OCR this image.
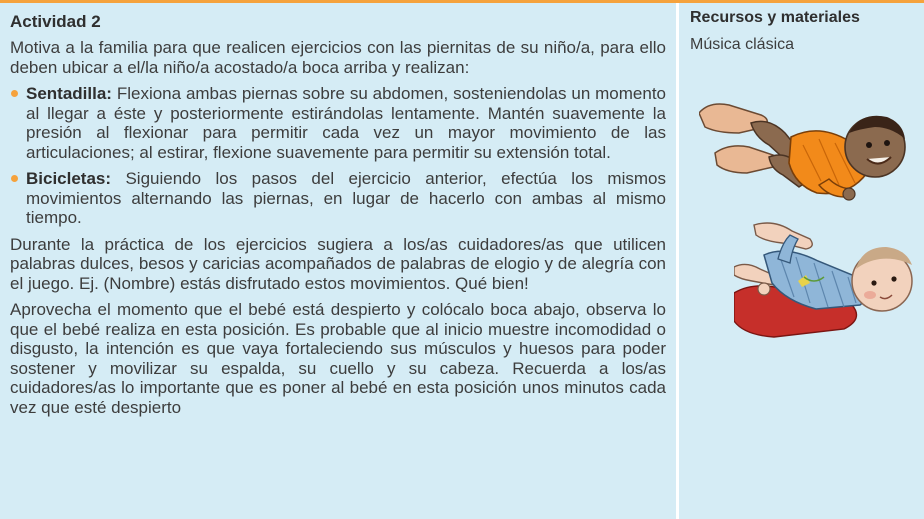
Actividad 2

Motiva a la familia para que realicen ejercicios con las piernitas de su niño/a, para ello deben ubicar a el/la niño/a acostado/a boca arriba y realizan:

Sentadilla: Flexiona ambas piernas sobre su abdomen, sosteniendolas un momento al llegar a éste y posteriormente estirándolas lentamente. Mantén suavemente la presión al flexionar para permitir cada vez un mayor movimiento de las articulaciones; al estirar, flexione suavemente para permitir su extensión total.
Bicicletas: Siguiendo los pasos del ejercicio anterior, efectúa los mismos movimientos alternando las piernas, en lugar de hacerlo con ambas al mismo tiempo.

Durante la práctica de los ejercicios sugiera a los/as cuidadores/as que utilicen palabras dulces, besos y caricias acompañados de palabras de elogio y de alegría con el juego. Ej. (Nombre) estás disfrutado estos movimientos. Qué bien!

Aprovecha el momento que el bebé está despierto y colócalo boca abajo, observa lo que el bebé realiza en esta posición. Es probable que al inicio muestre incomodidad o disgusto, la intención es que vaya fortaleciendo sus músculos y huesos para poder sostener y movilizar su espalda, su cuello y su cabeza. Recuerda a los/as cuidadores/as lo importante que es poner al bebé en esta posición unos minutos cada vez que esté despierto

Recursos y materiales

Música clásica
